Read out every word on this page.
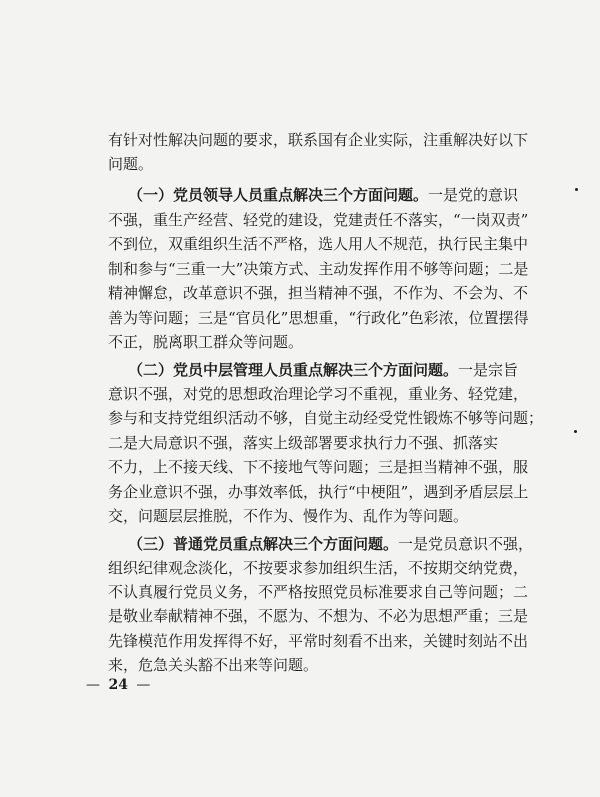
有针对性解决问题的要求，联系国有企业实际，注重解决好以下
问题。
（一）党员领导人员重点解决三个方面问题。一是党的意识
不强，重生产经营、轻党的建设，党建责任不落实，“一岗双责”
不到位，双重组织生活不严格，选人用人不规范，执行民主集中
制和参与“三重一大”决策方式、主动发挥作用不够等问题；二是
精神懈怠，改革意识不强，担当精神不强，不作为、不会为、不
善为等问题；三是“官员化”思想重，“行政化”色彩浓，位置摆得
不正，脱离职工群众等问题。
（二）党员中层管理人员重点解决三个方面问题。一是宗旨
意识不强，对党的思想政治理论学习不重视，重业务、轻党建，
参与和支持党组织活动不够，自觉主动经受党性锻炼不够等问题；
二是大局意识不强，落实上级部署要求执行力不强、抓落实
不力，上不接天线、下不接地气等问题；三是担当精神不强，服
务企业意识不强，办事效率低，执行“中梗阻”，遇到矛盾层层上
交，问题层层推脱，不作为、慢作为、乱作为等问题。
（三）普通党员重点解决三个方面问题。一是党员意识不强，
组织纪律观念淡化，不按要求参加组织生活，不按期交纳党费，
不认真履行党员义务，不严格按照党员标准要求自己等问题；二
是敬业奉献精神不强，不愿为、不想为、不必为思想严重；三是
先锋模范作用发挥得不好，平常时刻看不出来，关键时刻站不出
来，危急关头豁不出来等问题。
— 24 —
